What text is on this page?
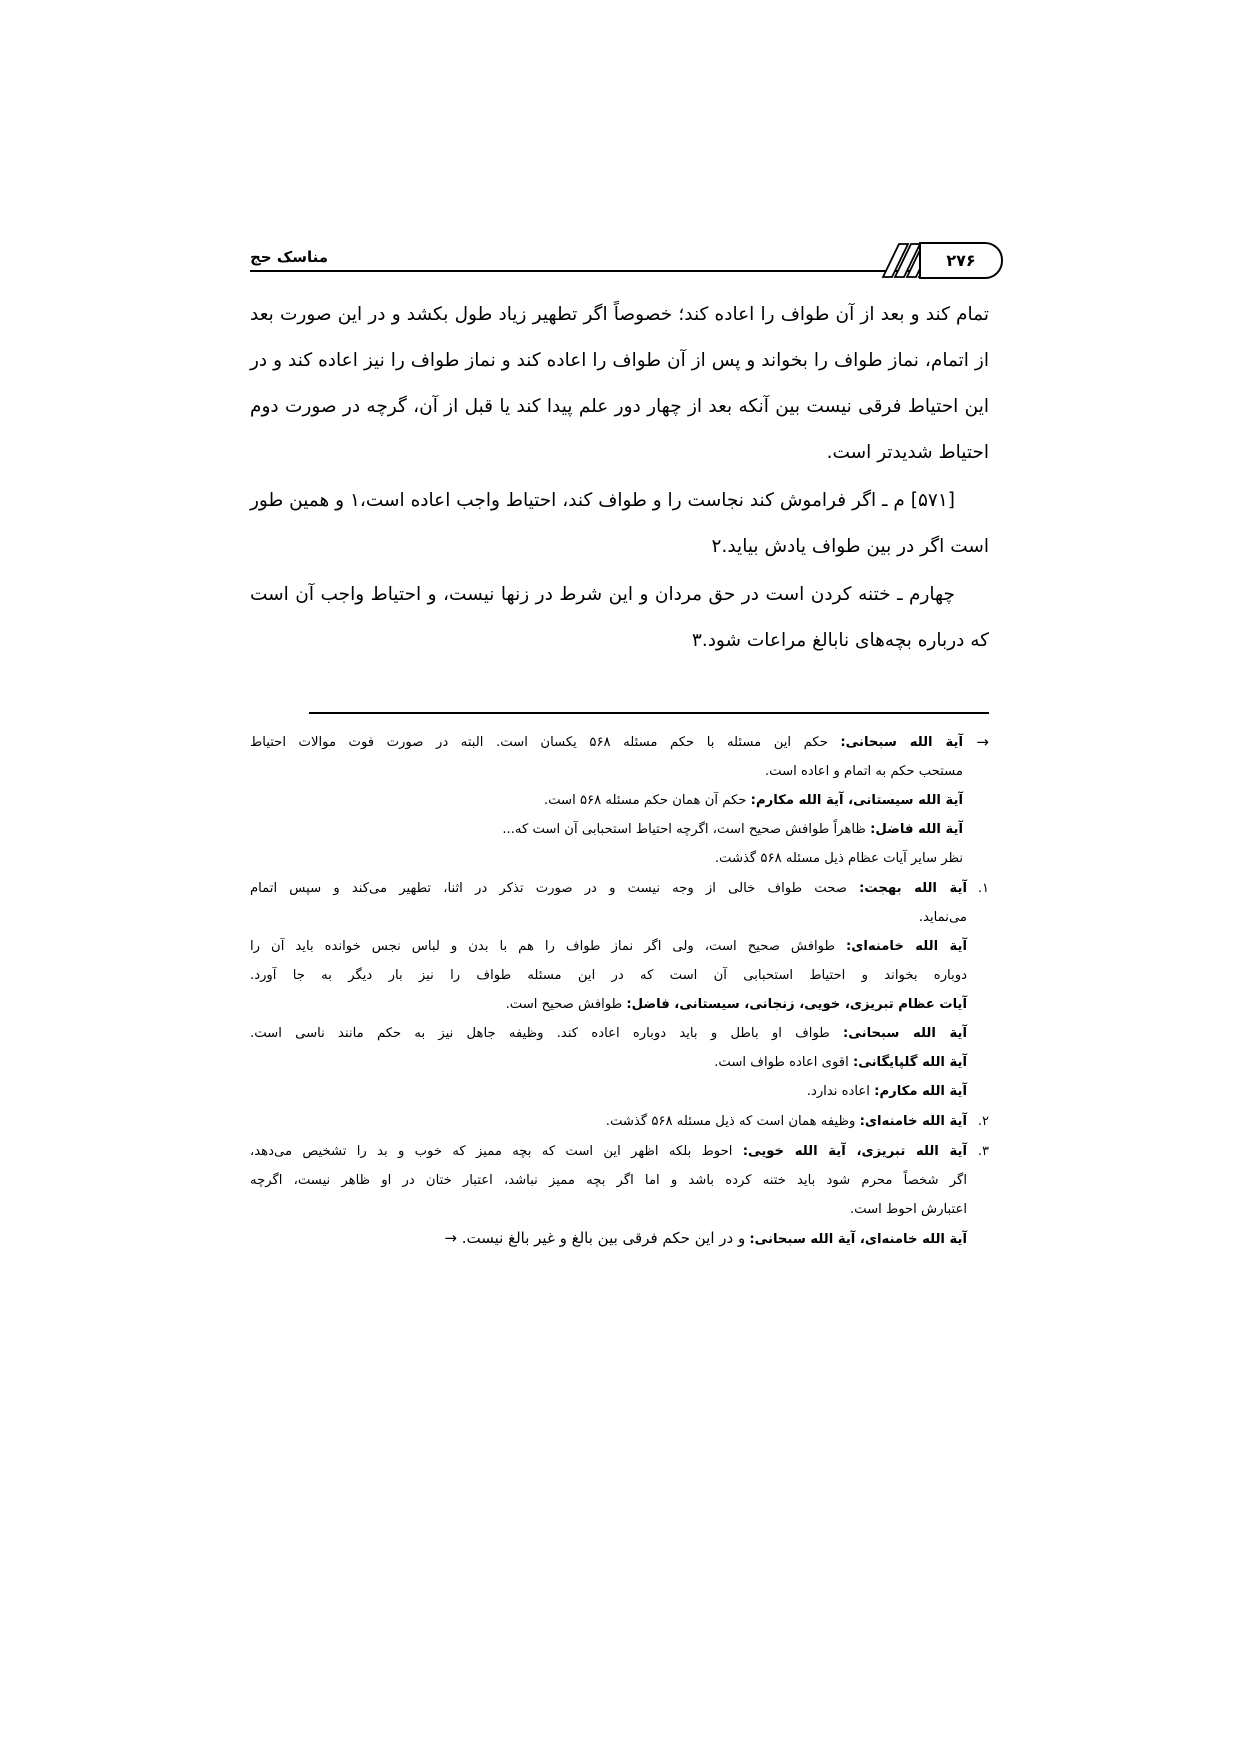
مناسک حج	۲۷۶

تمام کند و بعد از آن طواف را اعاده کند؛ خصوصاً اگر تطهیر زیاد طول بکشد و در این صورت بعد از اتمام، نماز طواف را بخواند و پس از آن طواف را اعاده کند و نماز طواف را نیز اعاده کند و در این احتیاط فرقی نیست بین آنکه بعد از چهار دور علم پیدا کند یا قبل از آن، گرچه در صورت دوم احتیاط شدیدتر است.

[۵۷۱] م ـ اگر فراموش کند نجاست را و طواف کند، احتیاط واجب اعاده است،١ و همین طور است اگر در بین طواف یادش بیاید.٢

چهارم ـ ختنه کردن است در حق مردان و این شرط در زنها نیست، و احتیاط واجب آن است که درباره بچه‌های نابالغ مراعات شود.٣

→
آية الله سبحانى: حکم این مسئله با حکم مسئله ۵۶۸ یکسان است. البته در صورت فوت موالات احتیاط
مستحب حکم به اتمام و اعاده است.
آية الله سیستانى، آية الله مکارم: حکم آن همان حکم مسئله ۵۶۸ است.
آية الله فاضل: ظاهراً طوافش صحیح است، اگرچه احتیاط استحبابى آن است که...
نظر سایر آیات عظام ذیل مسئله ۵۶۸ گذشت.
١.
آية الله بهجت: صحت طواف خالى از وجه نیست و در صورت تذکر در اثنا، تطهیر مى‌کند و سپس اتمام
مى‌نماید.
آية الله خامنه‌اى: طوافش صحیح است، ولى اگر نماز طواف را هم با بدن و لباس نجس خوانده باید آن را
دوباره بخواند و احتیاط استحبابى آن است که در این مسئله طواف را نیز بار دیگر به جا آورد.
آیات عظام تبریزى، خویى، زنجانى، سیستانى، فاضل: طوافش صحیح است.
آية الله سبحانى: طواف او باطل و باید دوباره اعاده کند. وظیفه جاهل نیز به حکم مانند ناسى است.
آية الله گلپایگانى: اقوى اعاده طواف است.
آية الله مکارم: اعاده ندارد.
٢.
آية الله خامنه‌اى: وظیفه همان است که ذیل مسئله ۵۶۸ گذشت.
٣.
آية الله تبریزى، آية الله خویى: احوط بلکه اظهر این است که بچه ممیز که خوب و بد را تشخیص مى‌دهد،
اگر شخصاً محرم شود باید ختنه کرده باشد و اما اگر بچه ممیز نباشد، اعتبار ختان در او ظاهر نیست، اگرچه
اعتبارش احوط است.
آية الله خامنه‌اى، آية الله سبحانى: و در این حکم فرقى بین بالغ و غیر بالغ نیست. →
